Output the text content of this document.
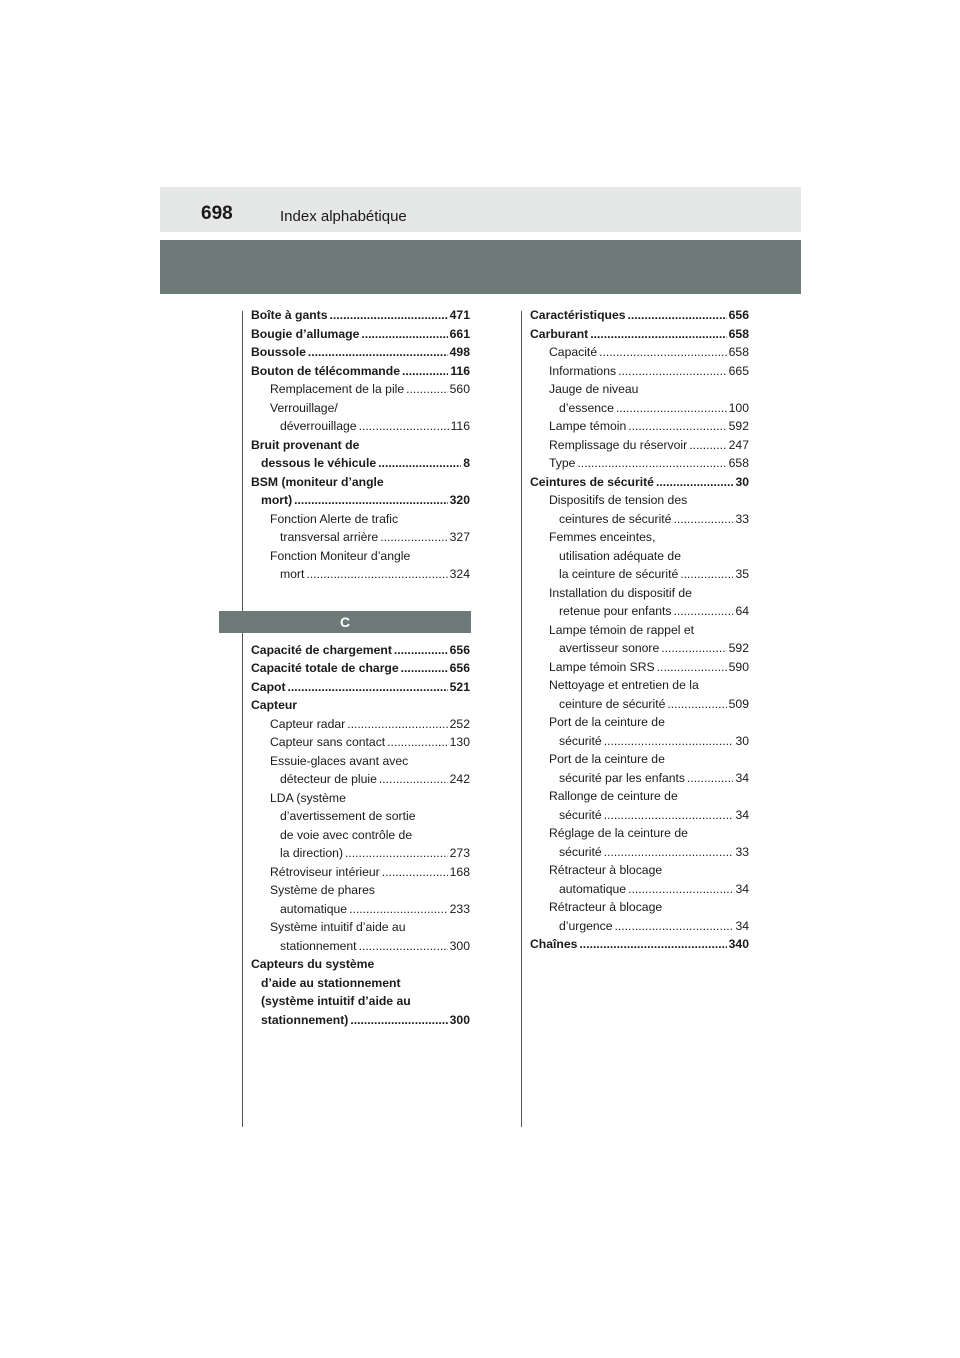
698	Index alphabétique
Boîte à gants .....	471
Bougie d’allumage .....	661
Boussole .....	498
Bouton de télécommande .....	116
Remplacement de la pile .....	560
Verrouillage/
déverrouillage .....	116
Bruit provenant de
dessous le véhicule .....	8
BSM (moniteur d’angle
mort) .....	320
Fonction Alerte de trafic
transversal arrière .....	327
Fonction Moniteur d’angle
mort .....	324
C
Capacité de chargement .....	656
Capacité totale de charge .....	656
Capot .....	521
Capteur
Capteur radar .....	252
Capteur sans contact .....	130
Essuie-glaces avant avec
détecteur de pluie .....	242
LDA (système
d’avertissement de sortie
de voie avec contrôle de
la direction) .....	273
Rétroviseur intérieur .....	168
Système de phares
automatique .....	233
Système intuitif d’aide au
stationnement .....	300
Capteurs du système
d’aide au stationnement
(système intuitif d’aide au
stationnement) .....	300
Caractéristiques .....	656
Carburant .....	658
Capacité .....	658
Informations .....	665
Jauge de niveau
d’essence .....	100
Lampe témoin .....	592
Remplissage du réservoir .....	247
Type .....	658
Ceintures de sécurité .....	30
Dispositifs de tension des
ceintures de sécurité .....	33
Femmes enceintes,
utilisation adéquate de
la ceinture de sécurité .....	35
Installation du dispositif de
retenue pour enfants .....	64
Lampe témoin de rappel et
avertisseur sonore .....	592
Lampe témoin SRS .....	590
Nettoyage et entretien de la
ceinture de sécurité .....	509
Port de la ceinture de
sécurité .....	30
Port de la ceinture de
sécurité par les enfants .....	34
Rallonge de ceinture de
sécurité .....	34
Réglage de la ceinture de
sécurité .....	33
Rétracteur à blocage
automatique .....	34
Rétracteur à blocage
d’urgence .....	34
Chaînes .....	340
